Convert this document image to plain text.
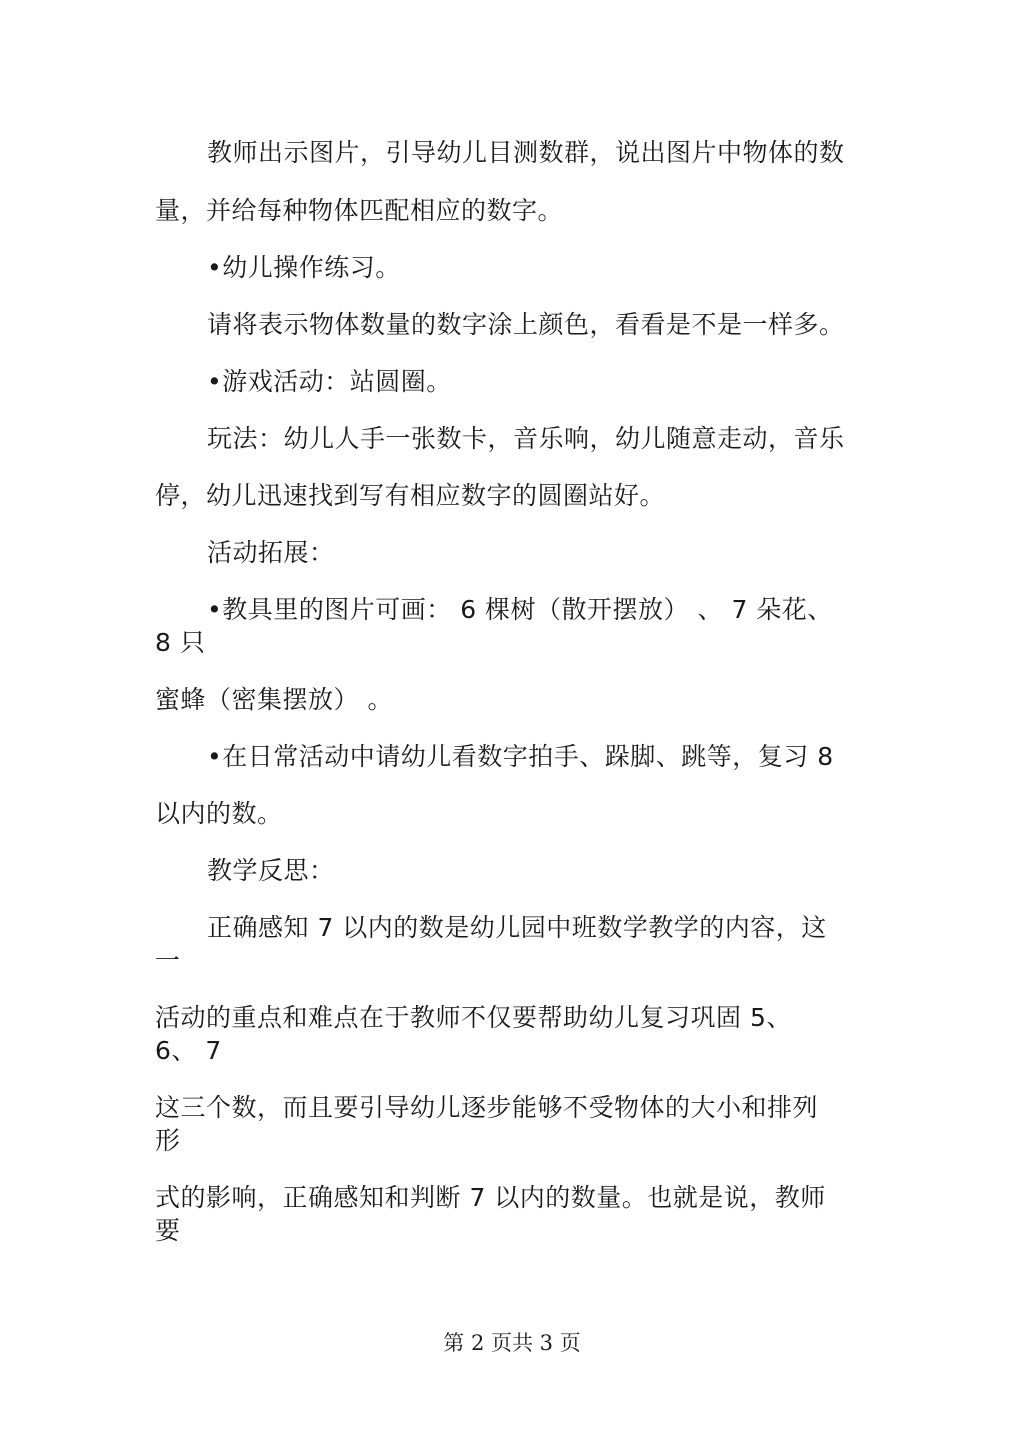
教师出示图片，引导幼儿目测数群，说出图片中物体的数
量，并给每种物体匹配相应的数字。
•幼儿操作练习。
请将表示物体数量的数字涂上颜色，看看是不是一样多。
•游戏活动：站圆圈。
玩法：幼儿人手一张数卡，音乐响，幼儿随意走动，音乐
停，幼儿迅速找到写有相应数字的圆圈站好。
活动拓展：
•教具里的图片可画： 6 棵树（散开摆放） 、 7 朵花、
8 只
蜜蜂（密集摆放） 。
•在日常活动中请幼儿看数字拍手、跺脚、跳等，复习 8
以内的数。
教学反思：
正确感知 7 以内的数是幼儿园中班数学教学的内容，这
一
活动的重点和难点在于教师不仅要帮助幼儿复习巩固 5、
6、 7
这三个数，而且要引导幼儿逐步能够不受物体的大小和排列
形
式的影响，正确感知和判断 7 以内的数量。也就是说，教师
要
第 2 页共 3 页
